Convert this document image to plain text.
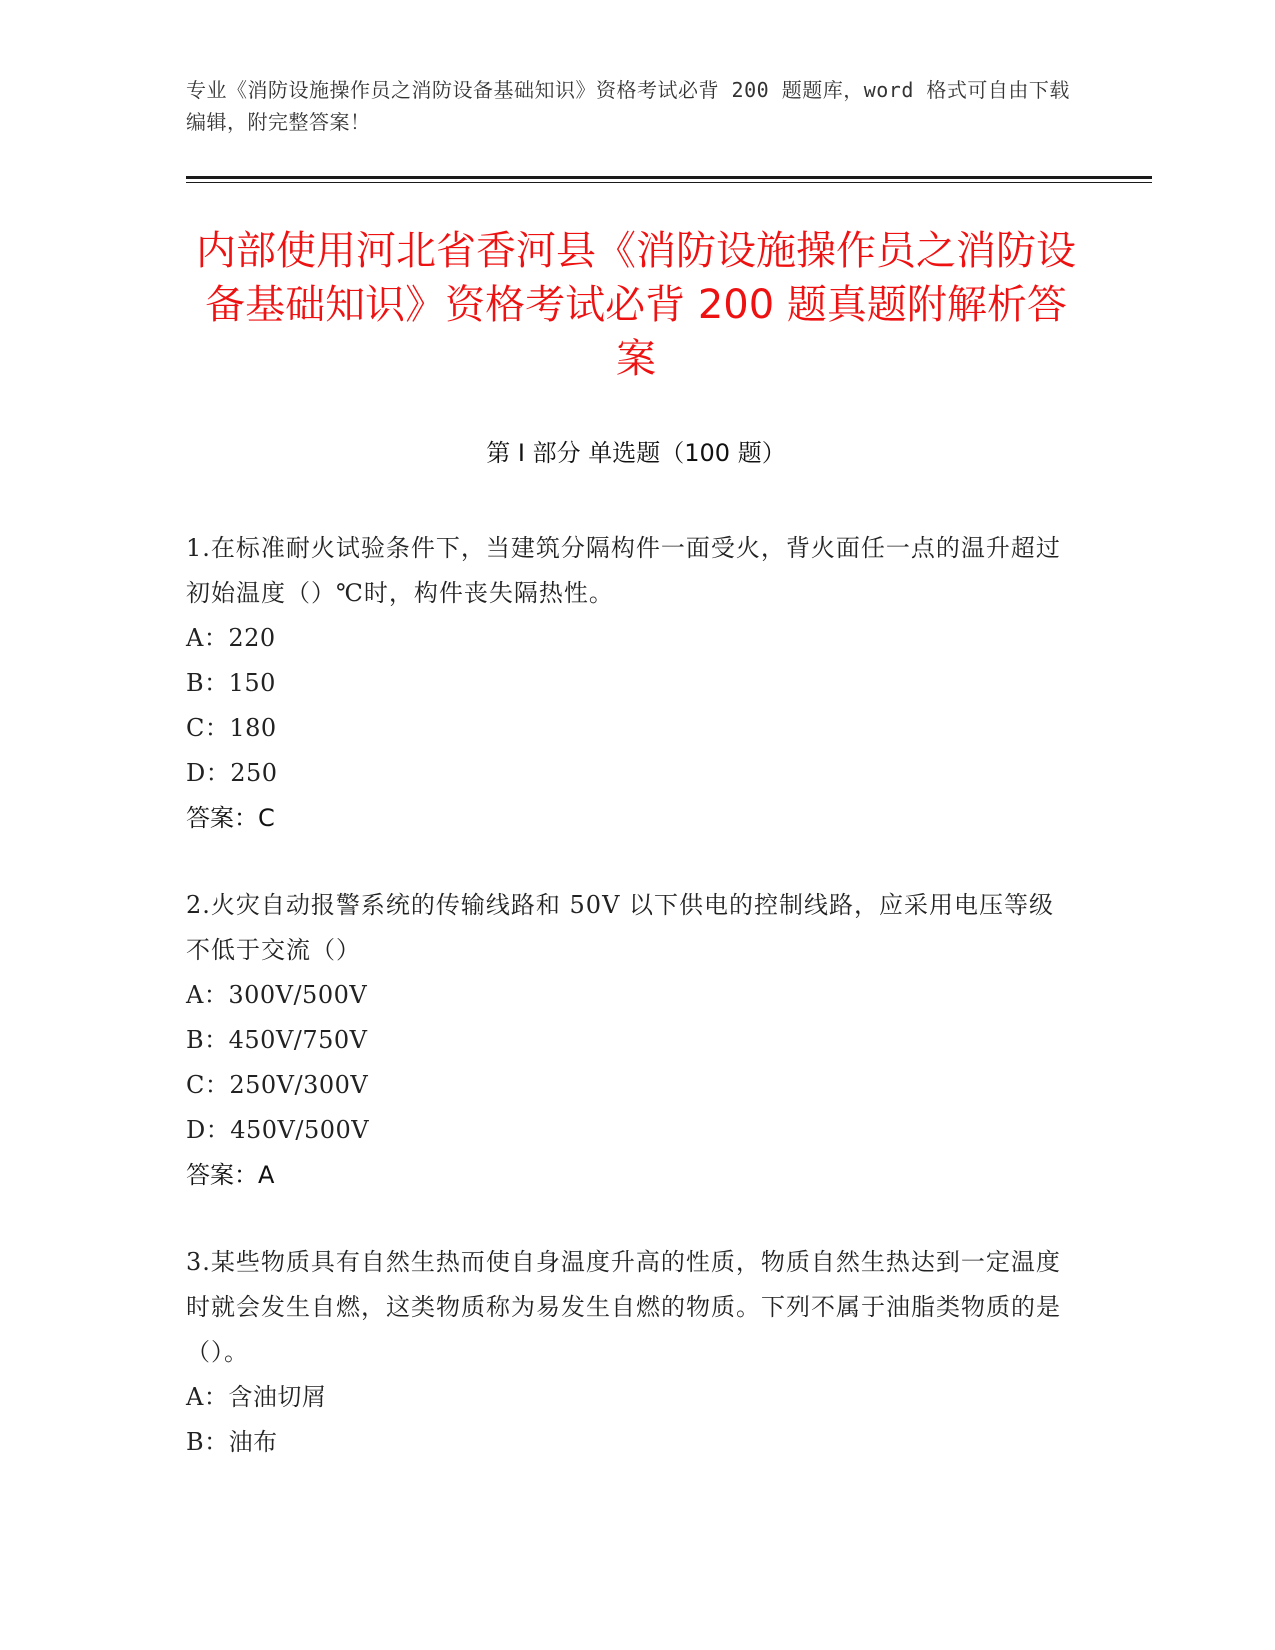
专业《消防设施操作员之消防设备基础知识》资格考试必背 200 题题库，word 格式可自由下载编辑，附完整答案！
内部使用河北省香河县《消防设施操作员之消防设备基础知识》资格考试必背 200 题真题附解析答案
第 I 部分 单选题（100 题）
1.在标准耐火试验条件下，当建筑分隔构件一面受火，背火面任一点的温升超过初始温度（）℃时，构件丧失隔热性。
A：220
B：150
C：180
D：250
答案：C
2.火灾自动报警系统的传输线路和 50V 以下供电的控制线路，应采用电压等级不低于交流（）
A：300V/500V
B：450V/750V
C：250V/300V
D：450V/500V
答案：A
3.某些物质具有自然生热而使自身温度升高的性质，物质自然生热达到一定温度时就会发生自燃，这类物质称为易发生自燃的物质。下列不属于油脂类物质的是（）。
A：含油切屑
B：油布
